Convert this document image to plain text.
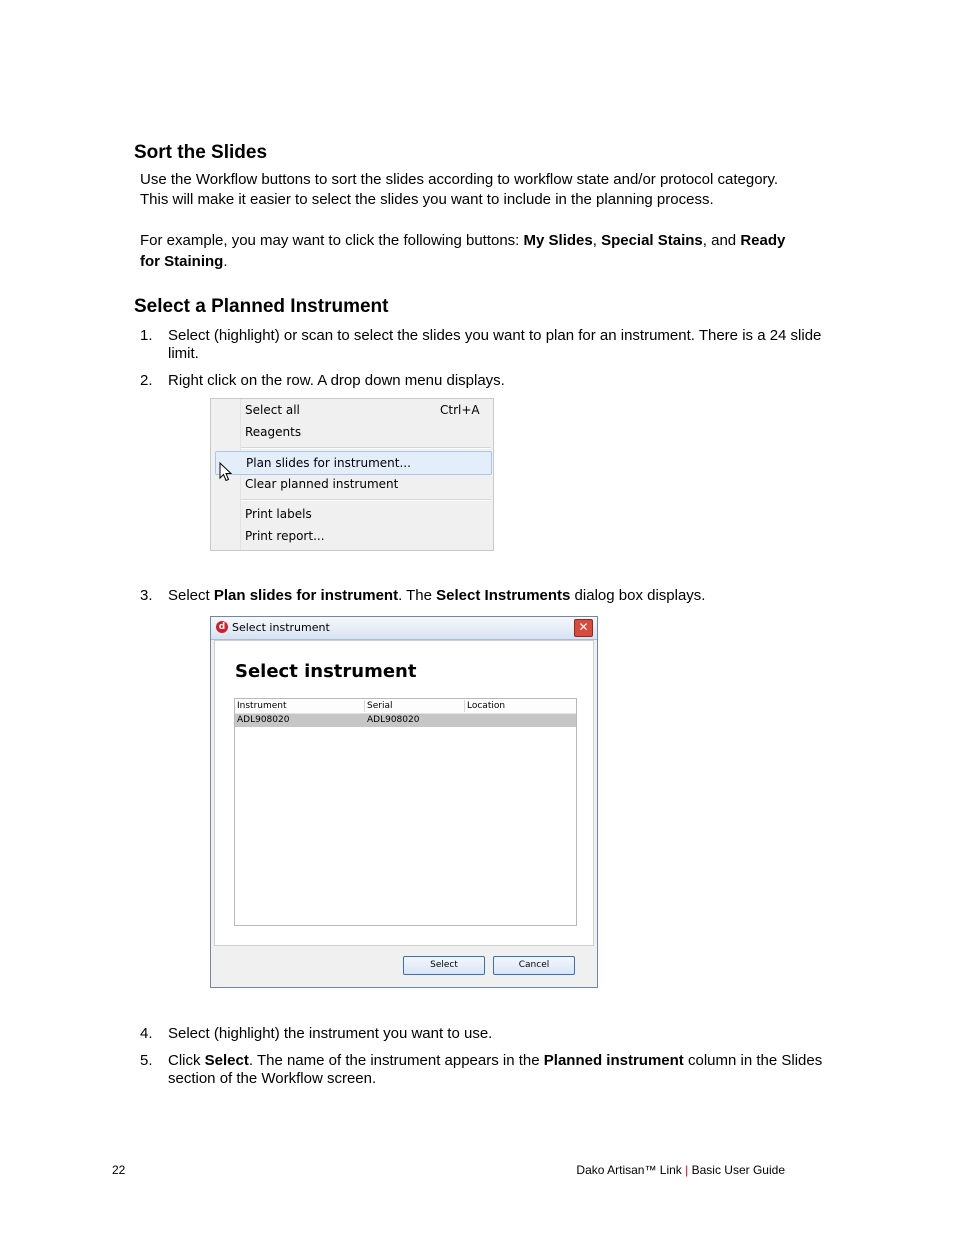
Sort the Slides

Use the Workflow buttons to sort the slides according to workflow state and/or protocol category.
This will make it easier to select the slides you want to include in the planning process.

For example, you may want to click the following buttons: My Slides, Special Stains, and Ready
for Staining.

Select a Planned Instrument
1.	Select (highlight) or scan to select the slides you want to plan for an instrument. There is a 24 slide limit.
2.	Right click on the row. A drop down menu displays.
Select all	Ctrl+A
Reagents
Plan slides for instrument...
Clear planned instrument
Print labels
Print report...
3.	Select Plan slides for instrument. The Select Instruments dialog box displays.
d Select instrument	✕
Select instrument
Instrument	Serial	Location
ADL908020	ADL908020
Select	Cancel
4.	Select (highlight) the instrument you want to use.
5.	Click Select. The name of the instrument appears in the Planned instrument column in the Slides section of the Workflow screen.
22	Dako Artisan™ Link | Basic User Guide
